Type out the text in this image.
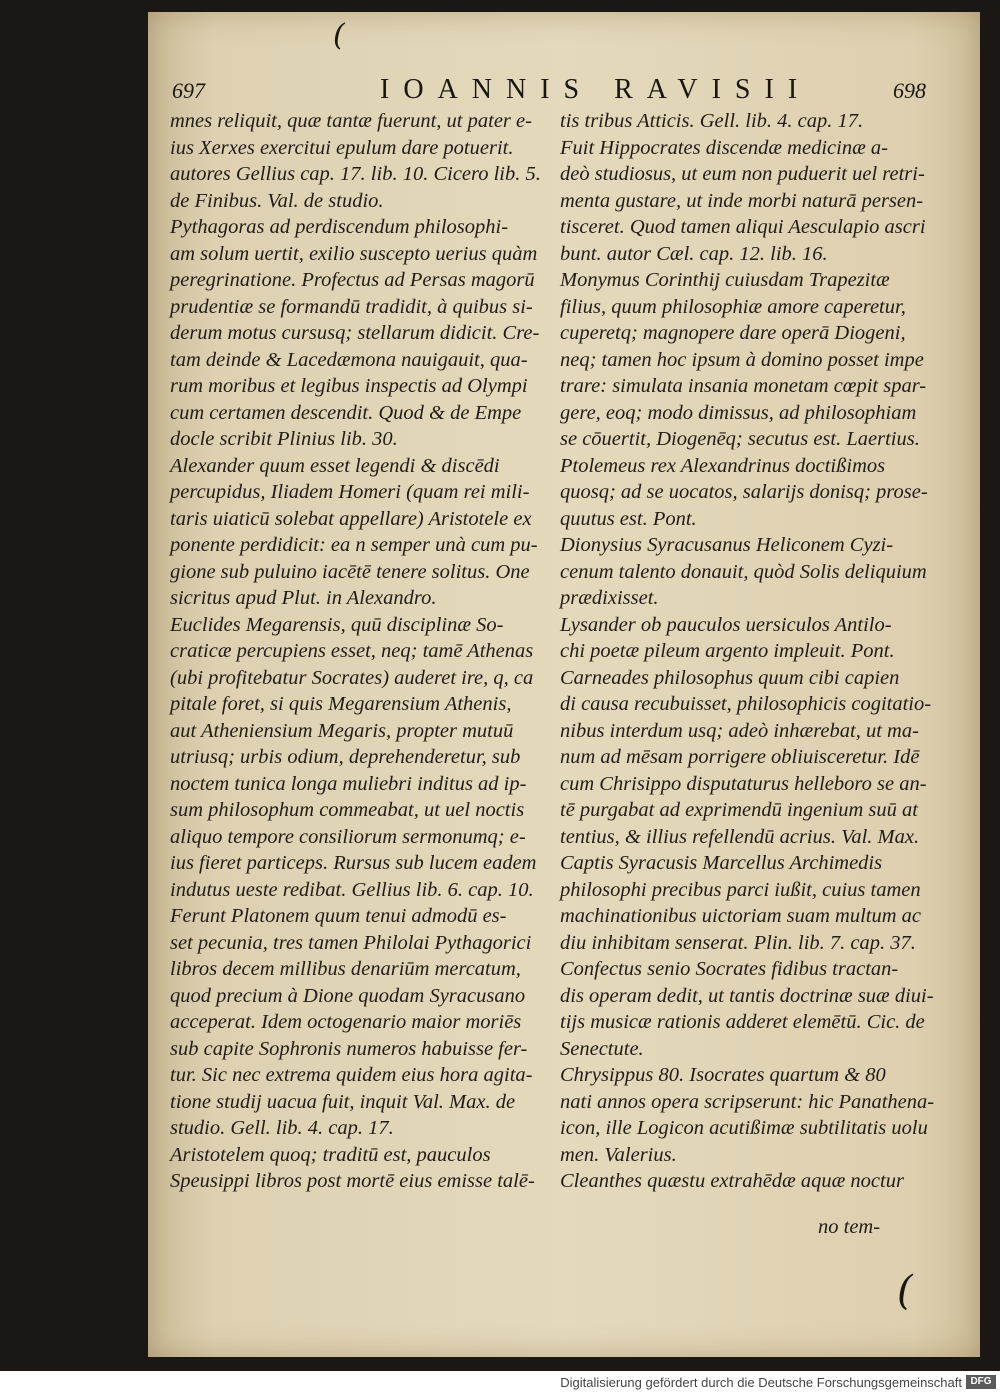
(
697	IOANNIS RAVISII	698
mnes reliquit, quæ tantæ fuerunt, ut pater e-
ius Xerxes exercitui epulum dare potuerit.
autores Gellius cap. 17. lib. 10. Cicero lib. 5.
de Finibus. Val. de studio.
Pythagoras ad perdiscendum philosophi-
am solum uertit, exilio suscepto uerius quàm
peregrinatione. Profectus ad Persas magorū
prudentiæ se formandū tradidit, à quibus si-
derum motus cursusq; stellarum didicit. Cre-
tam deinde & Lacedæmona nauigauit, qua-
rum moribus et legibus inspectis ad Olympi
cum certamen descendit. Quod & de Empe
docle scribit Plinius lib. 30.
Alexander quum esset legendi & discēdi
percupidus, Iliadem Homeri (quam rei mili-
taris uiaticū solebat appellare) Aristotele ex
ponente perdidicit: ea n semper unà cum pu-
gione sub puluino iacētē tenere solitus. One
sicritus apud Plut. in Alexandro.
Euclides Megarensis, quū disciplinæ So-
craticæ percupiens esset, neq; tamē Athenas
(ubi profitebatur Socrates) auderet ire, q, ca
pitale foret, si quis Megarensium Athenis,
aut Atheniensium Megaris, propter mutuū
utriusq; urbis odium, deprehenderetur, sub
noctem tunica longa muliebri inditus ad ip-
sum philosophum commeabat, ut uel noctis
aliquo tempore consiliorum sermonumq; e-
ius fieret particeps. Rursus sub lucem eadem
indutus ueste redibat. Gellius lib. 6. cap. 10.
Ferunt Platonem quum tenui admodū es-
set pecunia, tres tamen Philolai Pythagorici
libros decem millibus denariūm mercatum,
quod precium à Dione quodam Syracusano
acceperat. Idem octogenario maior moriēs
sub capite Sophronis numeros habuisse fer-
tur. Sic nec extrema quidem eius hora agita-
tione studij uacua fuit, inquit Val. Max. de
studio. Gell. lib. 4. cap. 17.
Aristotelem quoq; traditū est, pauculos
Speusippi libros post mortē eius emisse talē-
tis tribus Atticis. Gell. lib. 4. cap. 17.
Fuit Hippocrates discendæ medicinæ a-
deò studiosus, ut eum non puduerit uel retri-
menta gustare, ut inde morbi naturā persen-
tisceret. Quod tamen aliqui Aesculapio ascri
bunt. autor Cæl. cap. 12. lib. 16.
Monymus Corinthij cuiusdam Trapezitæ
filius, quum philosophiæ amore caperetur,
cuperetq; magnopere dare operā Diogeni,
neq; tamen hoc ipsum à domino posset impe
trare: simulata insania monetam cœpit spar-
gere, eoq; modo dimissus, ad philosophiam
se cōuertit, Diogenēq; secutus est. Laertius.
Ptolemeus rex Alexandrinus doctißimos
quosq; ad se uocatos, salarijs donisq; prose-
quutus est. Pont.
Dionysius Syracusanus Heliconem Cyzi-
cenum talento donauit, quòd Solis deliquium
prædixisset.
Lysander ob pauculos uersiculos Antilo-
chi poetæ pileum argento impleuit. Pont.
Carneades philosophus quum cibi capien
di causa recubuisset, philosophicis cogitatio-
nibus interdum usq; adeò inhærebat, ut ma-
num ad mēsam porrigere obliuisceretur. Idē
cum Chrisippo disputaturus helleboro se an-
tē purgabat ad exprimendū ingenium suū at
tentius, & illius refellendū acrius. Val. Max.
Captis Syracusis Marcellus Archimedis
philosophi precibus parci iußit, cuius tamen
machinationibus uictoriam suam multum ac
diu inhibitam senserat. Plin. lib. 7. cap. 37.
Confectus senio Socrates fidibus tractan-
dis operam dedit, ut tantis doctrinæ suæ diui-
tijs musicæ rationis adderet elemētū. Cic. de
Senectute.
Chrysippus 80. Isocrates quartum & 80
nati annos opera scripserunt: hic Panathena-
icon, ille Logicon acutißimæ subtilitatis uolu
men. Valerius.
Cleanthes quæstu extrahēdæ aquæ noctur
no tem-
(
Digitalisierung gefördert durch die Deutsche Forschungsgemeinschaft DFG
